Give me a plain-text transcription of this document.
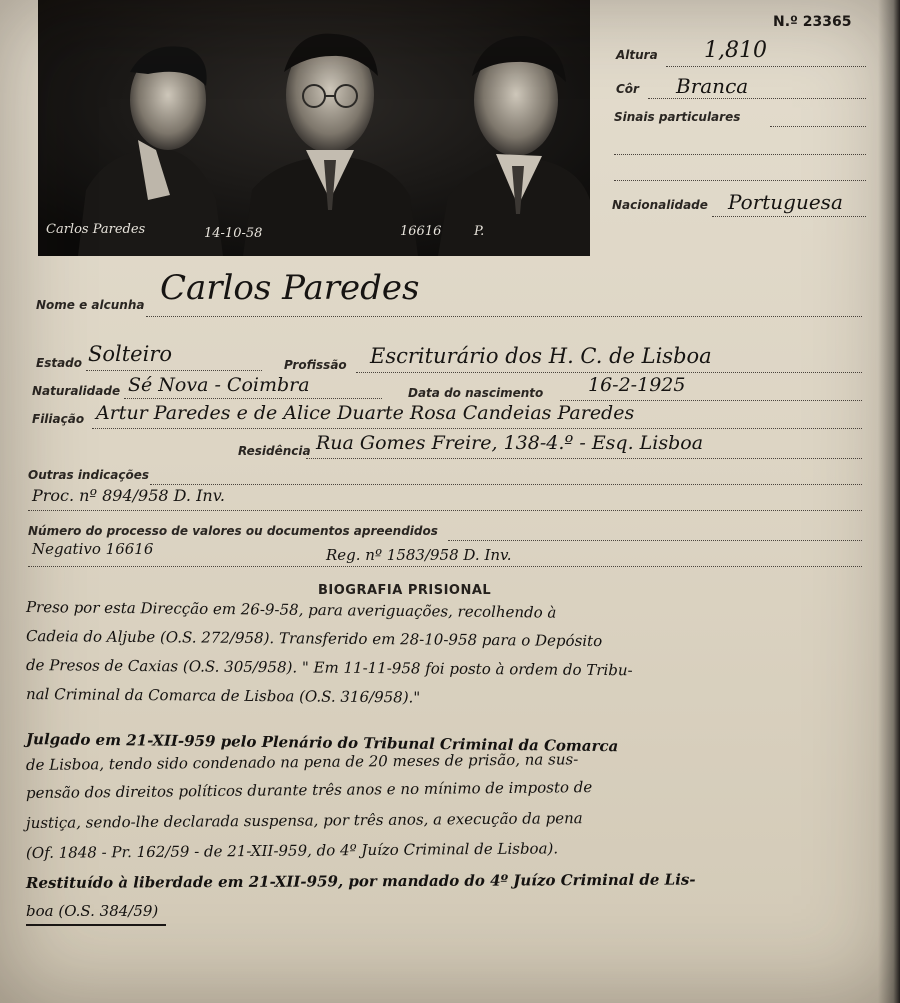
N.º 23365
Carlos Paredes	14-10-58	16616	P.
Altura 1,810
Côr Branca
Sinais particulares
Nacionalidade Portuguesa
Nome e alcunha Carlos Paredes
Estado Solteiro	Profissão Escriturário dos H. C. de Lisboa
Naturalidade Sé Nova - Coimbra	Data do nascimento 16-2-1925
Filiação Artur Paredes e de Alice Duarte Rosa Candeias Paredes
Residência Rua Gomes Freire, 138-4.º - Esq. Lisboa
Outras indicações
Proc. nº 894/958 D. Inv.
Número do processo de valores ou documentos apreendidos
Negativo 16616	Reg. nº 1583/958 D. Inv.
BIOGRAFIA PRISIONAL
Preso por esta Direcção em 26-9-58, para averiguações, recolhendo à
Cadeia do Aljube (O.S. 272/958). Transferido em 28-10-958 para o Depósito
de Presos de Caxias (O.S. 305/958). " Em 11-11-958 foi posto à ordem do Tribu-
nal Criminal da Comarca de Lisboa (O.S. 316/958)."
Julgado em 21-XII-959 pelo Plenário do Tribunal Criminal da Comarca
de Lisboa, tendo sido condenado na pena de 20 meses de prisão, na sus-
pensão dos direitos políticos durante três anos e no mínimo de imposto de
justiça, sendo-lhe declarada suspensa, por três anos, a execução da pena
(Of. 1848 - Pr. 162/59 - de 21-XII-959, do 4º Juízo Criminal de Lisboa).
Restituído à liberdade em 21-XII-959, por mandado do 4º Juízo Criminal de Lis-
boa (O.S. 384/59)
